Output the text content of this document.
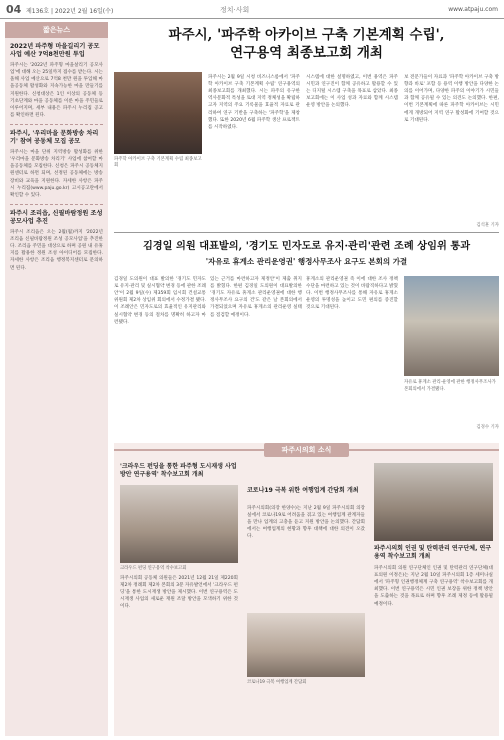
04 제136호 | 2022년 2월 16일(수)	정치·사회	www.atpaju.com
짧은뉴스
2022년 파주형 마을길리기 공모사업 예산 7억8천만원 투입
파주시는 '2022년 파주형 마을살리기 공모사업'에 대해 오는 25일까지 접수를 받는다. 시는 올해 사업 예산으로 7억8 천만 원을 투입해 마을공동체 활성화와 지속가능한 마을 만들기를 지원한다. 신청대상은 1인 이상의 공동체 등 기초단계와 마을 공동체를 이룬 마을 주민들로 이루어지며, 세부 내용은 파주시 누리집 공고를 확인하면 된다.
파주시, '우리마을 문화방송 차리기' 참여 공동체 모집 공모
파주시는 마을 단위 지역방송 활성화를 위한 '우리마을 문화방송 차리기' 사업에 참여할 마을공동체를 모집한다. 신청은 파주시 공동체지원센터로 하면 되며, 선정된 공동체에는 방송 장비와 교육을 지원한다. 자세한 사항은 파주시 누리집(www.paju.go.kr) 고시공고란에서 확인할 수 있다.
파주시 조리읍, 신필바람정원 조성 공모사업 추진
파주시 조리읍은 오는 2월(월)까지 '2022년 조리읍 신필바람정원 조성 공모사업'을 추진한다. 조리읍 주민을 대상으로 하며 공원 내 유휴지를 활용한 정원 조성 아이디어를 모집한다. 자세한 사항은 조리읍 행정복지센터로 문의하면 된다.
파주시, '파주학 아카이브 구축 기본계획 수립',
연구용역 최종보고회 개최
파주학 아카이브 구축 기본계획 수립 최종보고회
파주시는 2월 9일 시청 비즈니스룸에서 '파주학 아카이브 구축 기본계획 수립' 연구용역의 최종보고회를 개최했다. 시는 파주의 유구한 역사문화적 특성을 토대 지역 정체성을 확립하고자 지역의 주요 기록물을 효율적 자료로 관리하여 연구 기반을 구축하는 '파주학'을 제창했다. 또한 2020년 6월 파주학 생산 프로젝트를 시작하였다.
시스템에 대한 설명하였고, 이번 용역은 파주시민과 연구진이 함께 공유하고 활용할 수 있는 디지털 시스템 구축을 목표로 삼았다. 최종보고회에는 이 사업 성과 자료와 함께 시스템 운영 방안을 논의했다.
보 전문가들이 자료과 '파주학 아카이브 구축 방향과 바로' 포함 등 용역 이행 방안을 다양한 논의를 이어가며, 다양한 파주의 이야기가 시민들과 함께 공유될 수 있는 의견도 논의했다. 한편, 이번 기본계획에 따른 파주학 아카이브는 시민에게 개방되어 지역 연구 활성화에 기여할 것으로 기대된다.
김석훈 기자
김경일 의원 대표발의, '경기도 민자도로 유지·관리'관련 조례 상임위 통과
'자유로 휴게소 관리운영권' 행정사무조사 요구도 본회의 가결
김경일 도의원이 대표 발의한 '경기도 민자도로 유지·관리 및 실시협약 변경 등에 관한 조례안'이 2월 9일(수) 제359회 임시회 건설교통위원회 제2차 상임위 회의에서 수정가결 됐다. 이 조례안은 민자도로의 효율적인 유지관리와 실시협약 변경 등의 절차를 명확히 하고자 마련됐다.
있는 근거를 마련하고자 제정안'이 제출 취지를 밝혔다. 한편 김경일 도의원이 대표발의한 '경기도 자유로 휴게소 관리운영권에 대한 행정사무조사 요구의 건'도 같은 날 본회의에서 가결되었으며 자유로 휴게소의 관리운영 실태를 점검할 예정이다.
휴게소의 관리운영권 즉 이에 대한 조사 정책 수단을 마련하고 있는 것이 바람직하다고 밝혔다. 이번 행정사무조사를 통해 자유로 휴게소 운영의 투명성을 높이고 도민 편의를 증진할 것으로 기대된다.
자유로 휴게소 관리·운영에 관한 행정사무조사가 본회의에서 가결됐다.
김경수 기자
파주시의회 소식
'크라우드 펀딩을 통한 파주형 도시재생 사업방안 연구용역' 착수보고회 개최
크라우드 펀딩 연구용역 착수보고회
파주시의회 공동체 의원들은 2021년 12월 21일 제220회 제2차 정례회 제2차 본회의 3분 자유발언에서 '크라우드 펀딩'을 통한 도시재생 방안을 제시했다. 이번 연구용역은 도시재생 사업의 새로운 재원 조달 방안을 모색하기 위한 것이다.
코로나19 극복 위한 여행업계 간담회 개최
파주시의회(의장 한양수)는 지난 2월 9일 파주시의회 의장실에서 코로나19로 어려움을 겪고 있는 여행업계 관계자들을 만나 업계의 고충을 듣고 지원 방안을 논의했다. 간담회에서는 여행업계의 현황과 향후 대책에 대한 의견이 오갔다.
코로나19 극복 여행업계 간담회
파주시의회 인권 및 탄력관리 연구단체, 연구용역 착수보고회 개최
파주시의회 의원 연구단체인 인권 및 탄력관리 연구단체(대표의원 이정은)는 지난 2월 10일 파주시의회 1층 세미나실에서 '파주형 인권행정체계 구축 연구용역' 착수보고회를 개최했다. 이번 연구용역은 시민 인권 보장을 위한 정책 방안을 도출하는 것을 목표로 하며 향후 조례 제정 등에 활용될 예정이다.
